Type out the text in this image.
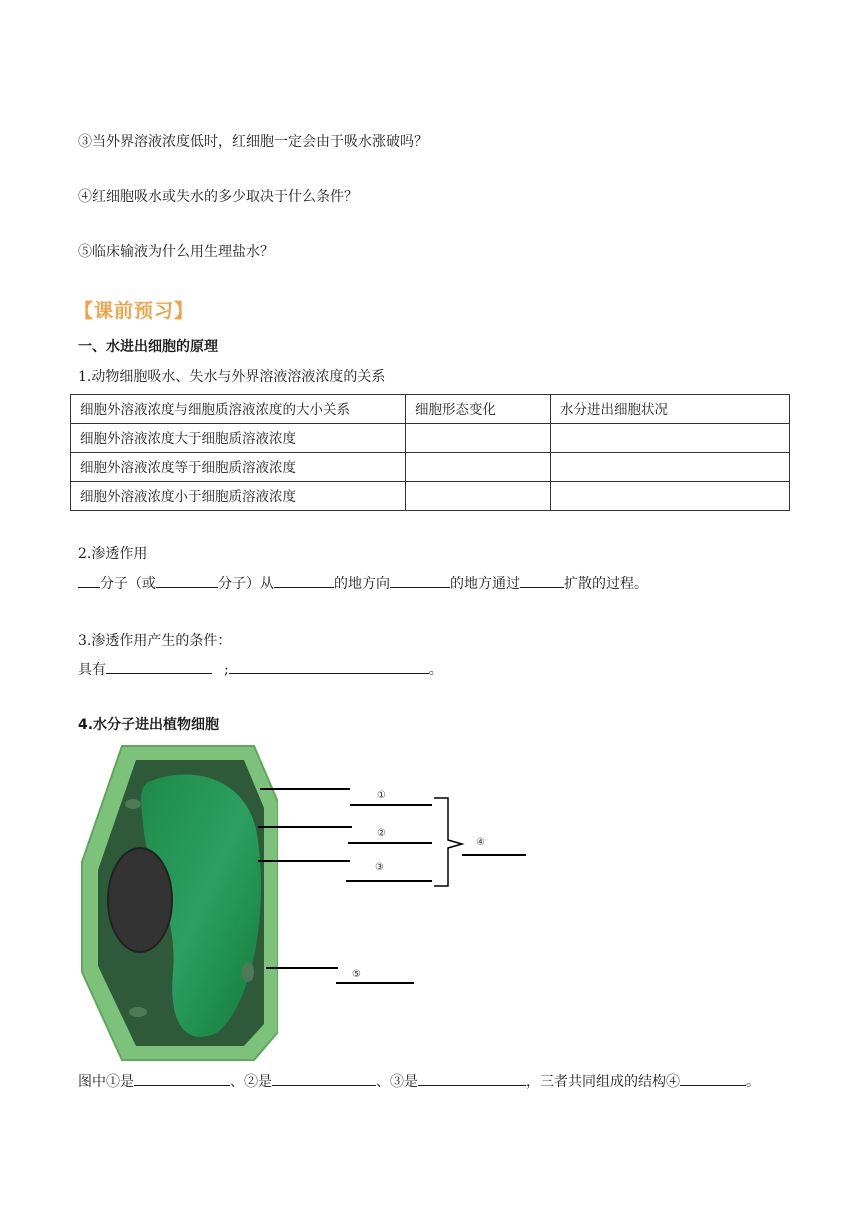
③当外界溶液浓度低时，红细胞一定会由于吸水涨破吗？
④红细胞吸水或失水的多少取决于什么条件？
⑤临床输液为什么用生理盐水？
【课前预习】
一、水进出细胞的原理
1.动物细胞吸水、失水与外界溶液溶液浓度的关系
细胞外溶液浓度与细胞质溶液浓度的大小关系	细胞形态变化	水分进出细胞状况
细胞外溶液浓度大于细胞质溶液浓度		
细胞外溶液浓度等于细胞质溶液浓度		
细胞外溶液浓度小于细胞质溶液浓度		
2.渗透作用
分子（或	分子）从	的地方向	的地方通过	扩散的过程。
3.渗透作用产生的条件：
具有	;	。
4.水分子进出植物细胞
①
②
③
④
⑤
图中①是	、②是	、③是	，三者共同组成的结构④	。
